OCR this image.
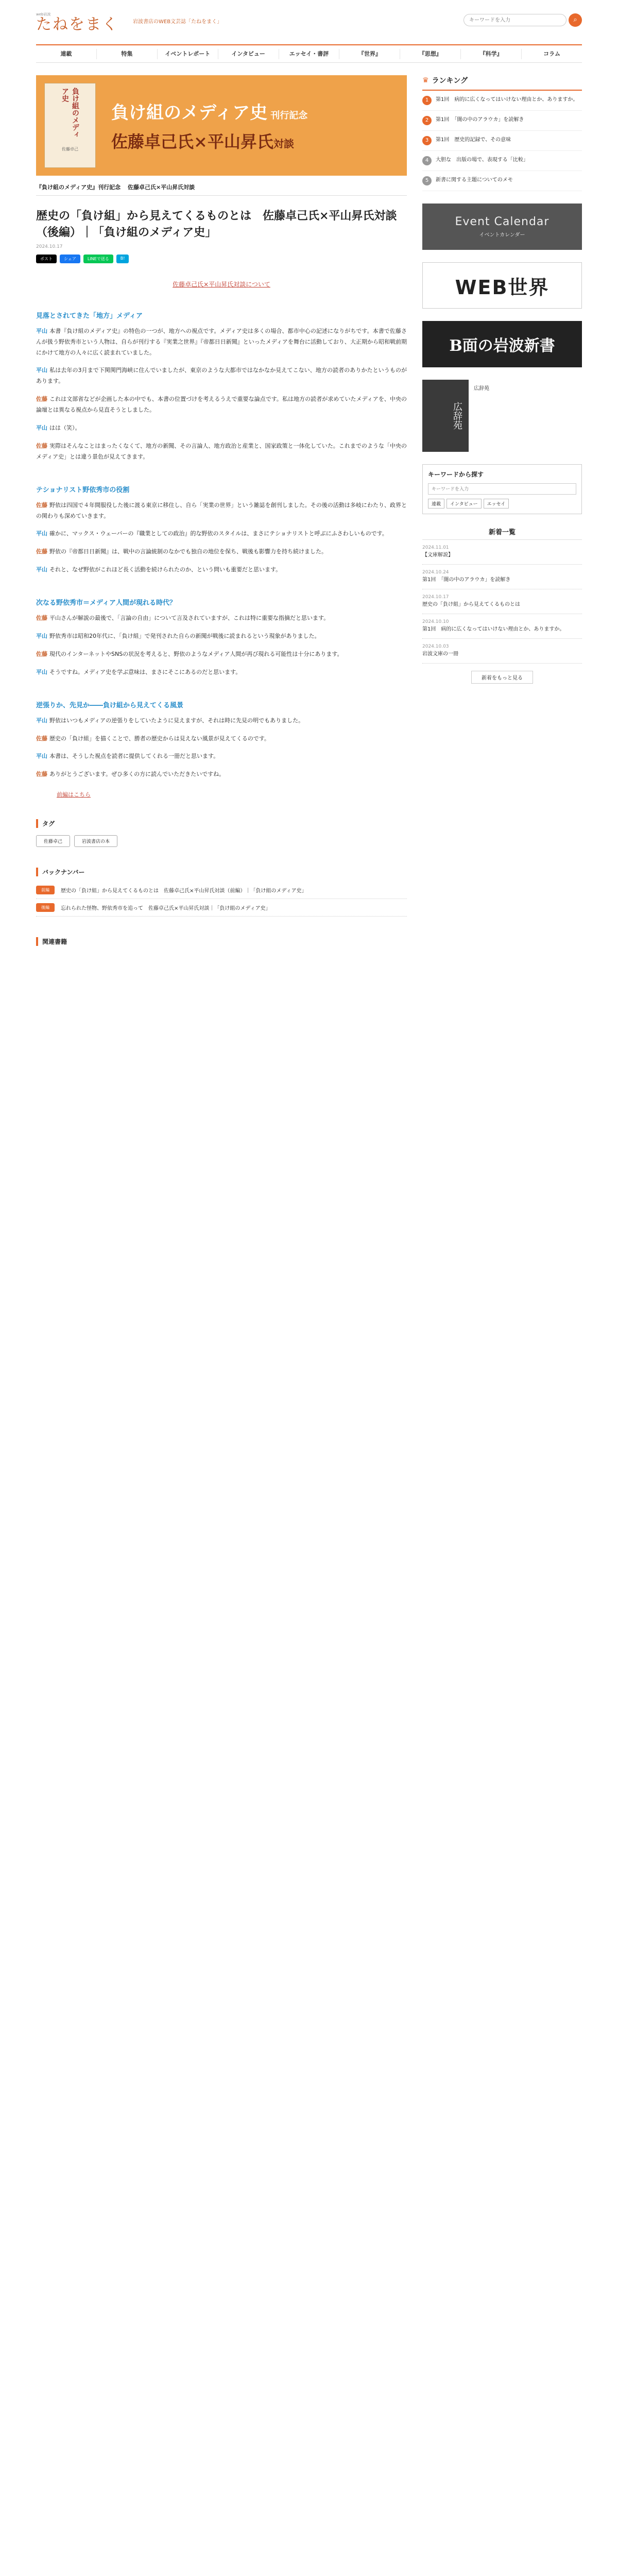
web岩波
たねをまく	岩波書店のWEB文芸誌「たねをまく」
キーワードを入力	⌕
連載	特集	イベントレポート	インタビュー	エッセイ・書評	『世界』	『思想』	『科学』	コラム
負け組のメディア史
佐藤卓己
負け組のメディア史 刊行記念
佐藤卓己氏×平山昇氏対談
『負け組のメディア史』刊行記念 佐藤卓己氏×平山昇氏対談
歴史の「負け組」から見えてくるものとは　佐藤卓己氏×平山昇氏対談（後編）｜「負け組のメディア史」
2024.10.17
ポスト	シェア	LINEで送る	B!
佐藤卓己氏×平山昇氏対談について
見落とされてきた「地方」メディア

平山 本書『負け組のメディア史』の特色の一つが、地方への視点です。メディア史は多くの場合、都市中心の記述になりがちです。本書で佐藤さんが扱う野依秀市という人物は、自らが刊行する『実業之世界』『帝都日日新聞』といったメディアを舞台に活動しており、大正期から昭和戦前期にかけて地方の人々に広く読まれていました。

平山 私は去年の3月まで下関関門海峡に住んでいましたが、東京のような大都市ではなかなか見えてこない、地方の読者のありかたというものがあります。

佐藤 これは文部省などが企画した本の中でも、本書の位置づけを考えるうえで重要な論点です。私は地方の読者が求めていたメディアを、中央の論壇とは異なる視点から見直そうとしました。

平山 はは（笑）。

佐藤 実際はそんなことはまったくなくて、地方の新聞、その言論人、地方政治と産業と、国家政策と一体化していた。これまでのような「中央のメディア史」とは違う景色が見えてきます。

テショナリスト野依秀市の役割

佐藤 野依は四国で４年間服役した後に渡る東京に移住し、自ら「実業の世界」という雑誌を創刊しました。その後の活動は多岐にわたり、政界との関わりも深めていきます。

平山 確かに、マックス・ウェーバーの『職業としての政治』的な野依のスタイルは、まさにテショナリストと呼ぶにふさわしいものです。

佐藤 野依の『帝都日日新聞』は、戦中の言論統制のなかでも独自の地位を保ち、戦後も影響力を持ち続けました。

平山 それと、なぜ野依がこれほど長く活動を続けられたのか、という問いも重要だと思います。

次なる野依秀市＝メディア人間が現れる時代？

佐藤 平山さんが解説の最後で、「言論の自由」について言及されていますが、これは特に重要な指摘だと思います。

平山 野依秀市は昭和20年代に、「負け組」で発刊された自らの新聞が戦後に読まれるという現象がありました。

佐藤 現代のインターネットやSNSの状況を考えると、野依のようなメディア人間が再び現れる可能性は十分にあります。

平山 そうですね。メディア史を学ぶ意味は、まさにそこにあるのだと思います。

逆張りか、先見か――負け組から見えてくる風景

平山 野依はいつもメディアの逆張りをしていたように見えますが、それは時に先見の明でもありました。

佐藤 歴史の「負け組」を描くことで、勝者の歴史からは見えない風景が見えてくるのです。

平山 本書は、そうした視点を読者に提供してくれる一冊だと思います。

佐藤 ありがとうございます。ぜひ多くの方に読んでいただきたいですね。

前編はこちら
タグ
佐藤卓己	岩波書店の本
バックナンバー
前編	歴史の「負け組」から見えてくるものとは　佐藤卓己氏×平山昇氏対談（前編）｜「負け組のメディア史」
後編	忘れられた怪物、野依秀市を追って　佐藤卓己氏×平山昇氏対談｜「負け組のメディア史」
関連書籍
♛ ランキング
1	第1回　病的に広くなってはいけない理由とか、ありますか。
2	第1回　「闇の中のアラウカ」を読解き
3	第1回　歴史的記録で、その意味
4	大胆な　出版の場で、表現する「比較」
5	新書に関する主題についてのメモ
Event Calendar
イベントカレンダー
WEB世界
B面の岩波新書
広辞苑
広辞苑
キーワードから探す
キーワードを入力
連載	インタビュー	エッセイ
新着一覧
2024.11.01
【文庫解説】
2024.10.24
第1回　「闇の中のアラウカ」を読解き
2024.10.17
歴史の「負け組」から見えてくるものとは
2024.10.10
第1回　病的に広くなってはいけない理由とか、ありますか。
2024.10.03
岩波文庫の一冊
新着をもっと見る
